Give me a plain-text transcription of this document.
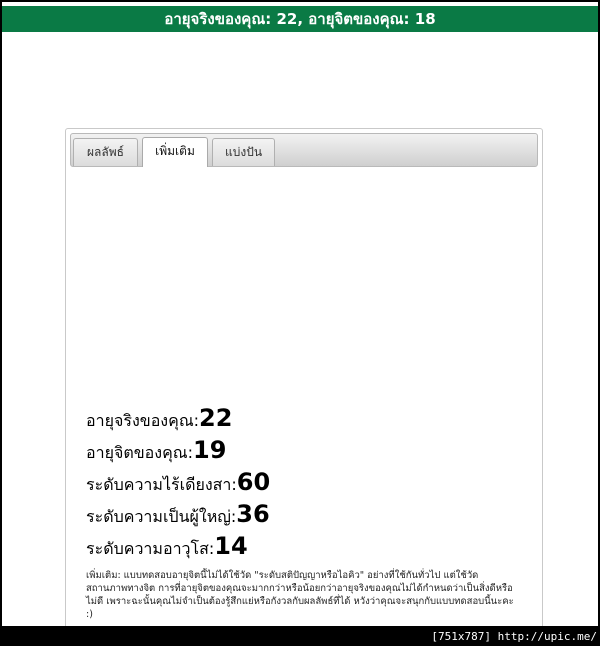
อายุจริงของคุณ: 22, อายุจิตของคุณ: 18
ผลลัพธ์	เพิ่มเติม	แบ่งปัน
อายุจริงของคุณ:22
อายุจิตของคุณ:19
ระดับความไร้เดียงสา:60
ระดับความเป็นผู้ใหญ่:36
ระดับความอาวุโส:14
เพิ่มเติม: แบบทดสอบอายุจิตนี้ไม่ได้ใช้วัด "ระดับสติปัญญาหรือไอคิว" อย่างที่ใช้กันทั่วไป แต่ใช้วัดสถานภาพทางจิต การที่อายุจิตของคุณจะมากกว่าหรือน้อยกว่าอายุจริงของคุณไม่ได้กำหนดว่าเป็นสิ่งดีหรือไม่ดี เพราะฉะนั้นคุณไม่จำเป็นต้องรู้สึกแย่หรือกังวลกับผลลัพธ์ที่ได้ หวังว่าคุณจะสนุกกับแบบทดสอบนี้นะคะ :)
[751x787] http://upic.me/
